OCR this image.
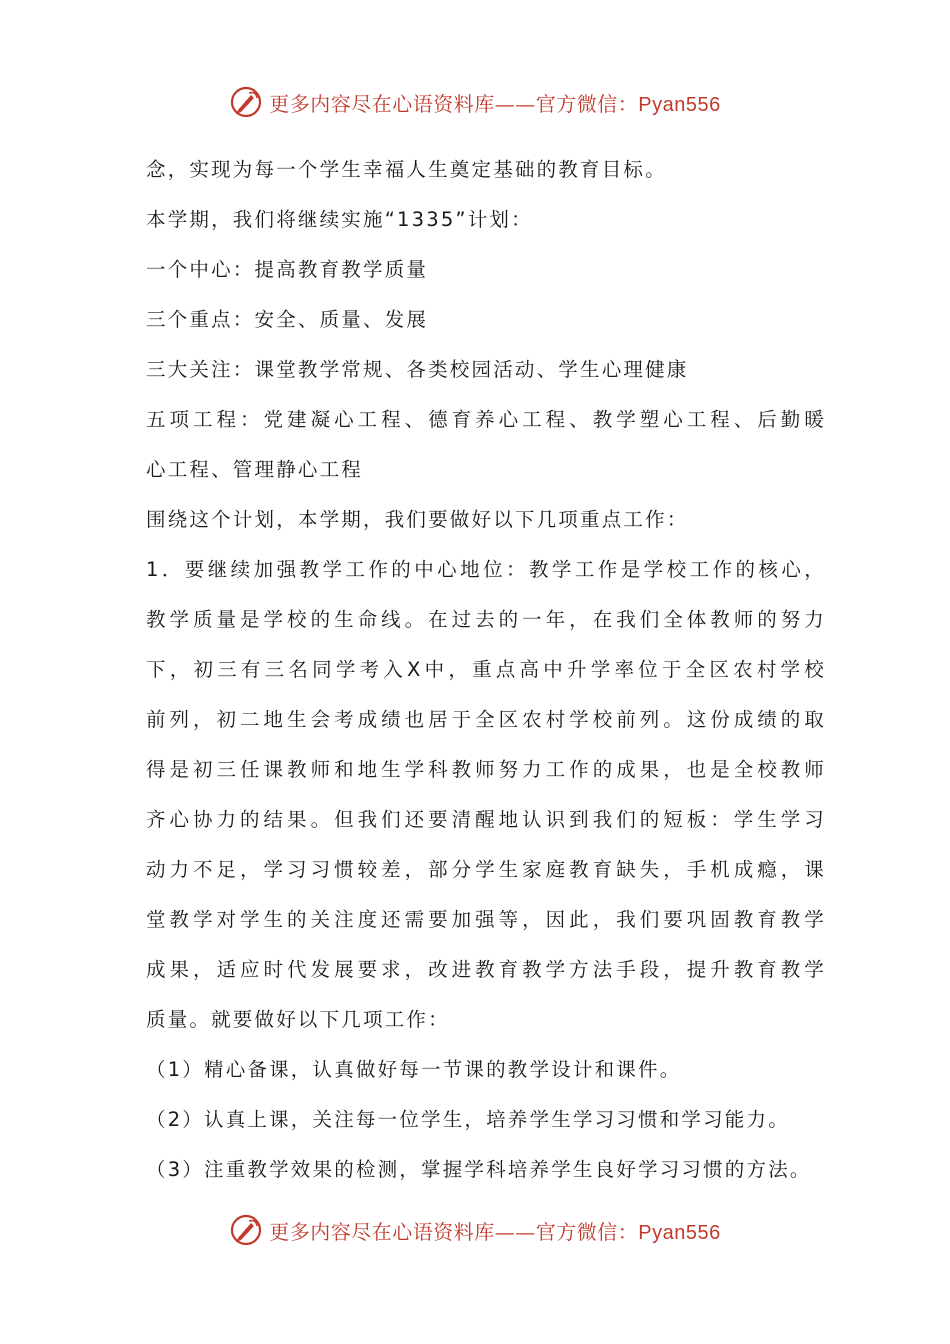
更多内容尽在心语资料库——官方微信：Pyan556
念，实现为每一个学生幸福人生奠定基础的教育目标。
本学期，我们将继续实施“1335”计划：
一个中心：提高教育教学质量
三个重点：安全、质量、发展
三大关注：课堂教学常规、各类校园活动、学生心理健康
五项工程：党建凝心工程、德育养心工程、教学塑心工程、后勤暖
心工程、管理静心工程
围绕这个计划，本学期，我们要做好以下几项重点工作：
1．要继续加强教学工作的中心地位：教学工作是学校工作的核心，
教学质量是学校的生命线。在过去的一年，在我们全体教师的努力
下，初三有三名同学考入X中，重点高中升学率位于全区农村学校
前列，初二地生会考成绩也居于全区农村学校前列。这份成绩的取
得是初三任课教师和地生学科教师努力工作的成果，也是全校教师
齐心协力的结果。但我们还要清醒地认识到我们的短板：学生学习
动力不足，学习习惯较差，部分学生家庭教育缺失，手机成瘾，课
堂教学对学生的关注度还需要加强等，因此，我们要巩固教育教学
成果，适应时代发展要求，改进教育教学方法手段，提升教育教学
质量。就要做好以下几项工作：
（1）精心备课，认真做好每一节课的教学设计和课件。
（2）认真上课，关注每一位学生，培养学生学习习惯和学习能力。
（3）注重教学效果的检测，掌握学科培养学生良好学习习惯的方法。
更多内容尽在心语资料库——官方微信：Pyan556
